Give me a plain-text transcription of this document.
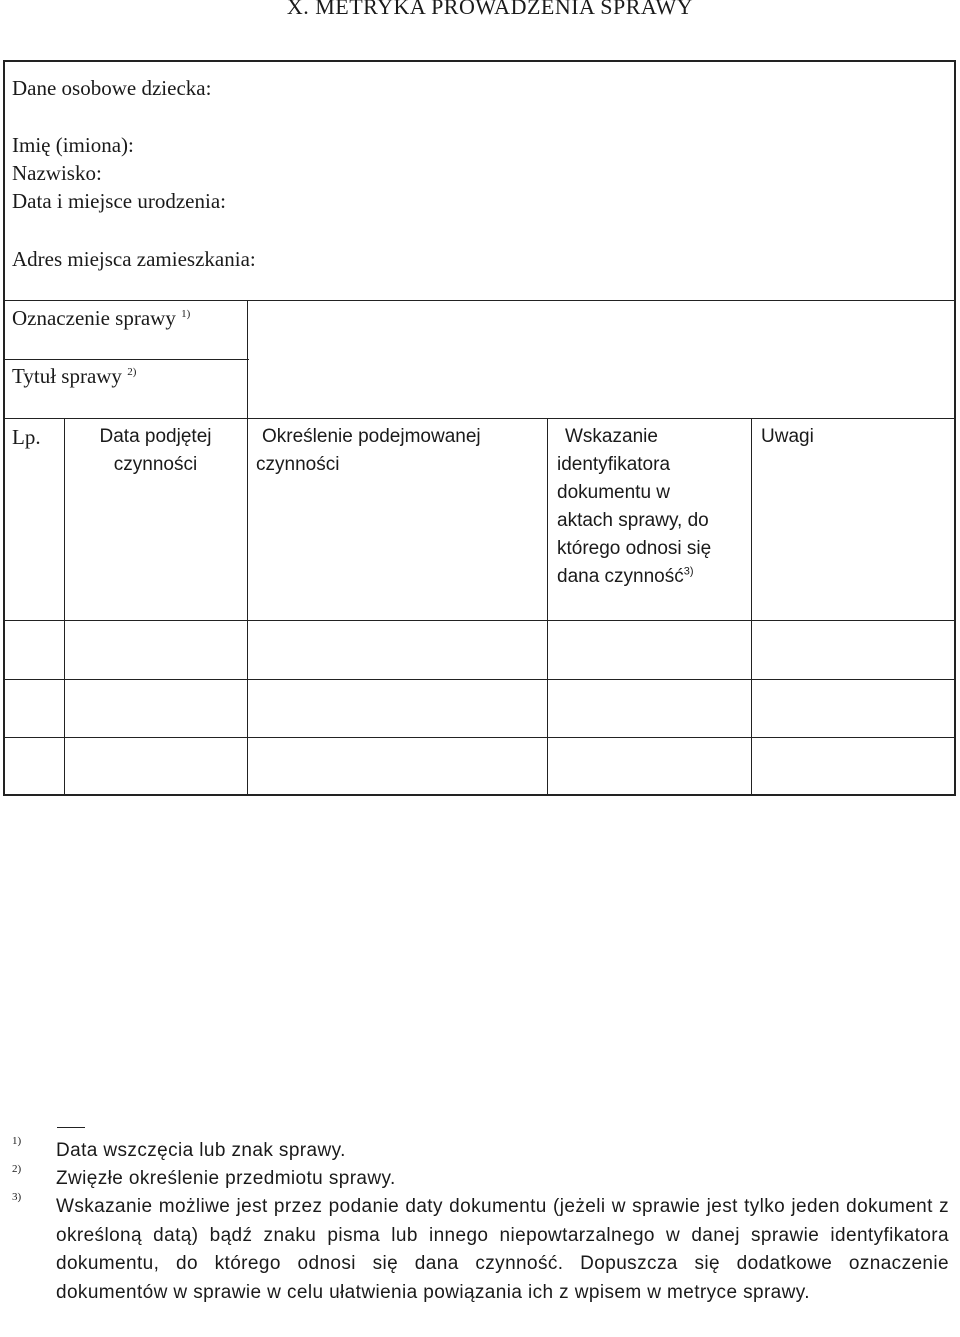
X. METRYKA PROWADZENIA SPRAWY
Dane osobowe dziecka:
Imię (imiona):
Nazwisko:
Data i miejsce urodzenia:
Adres miejsca zamieszkania:
Oznaczenie sprawy $^{1)}$
Tytuł sprawy $^{2)}$
Lp.	Data podjętej
czynności
Określenie podejmowanej
czynności
Wskazanie
identyfikatora
dokumentu w
aktach sprawy, do
którego odnosi się
dana czynność$^{3)}$
Uwagi
1) Data wszczęcia lub znak sprawy.
2) Zwięzłe określenie przedmiotu sprawy.
3) Wskazanie możliwe jest przez podanie daty dokumentu (jeżeli w sprawie jest tylko jeden dokument z określoną datą) bądź znaku pisma lub innego niepowtarzalnego w danej sprawie identyfikatora dokumentu, do którego odnosi się dana czynność. Dopuszcza się dodatkowe oznaczenie dokumentów w sprawie w celu ułatwienia powiązania ich z wpisem w metryce sprawy.
